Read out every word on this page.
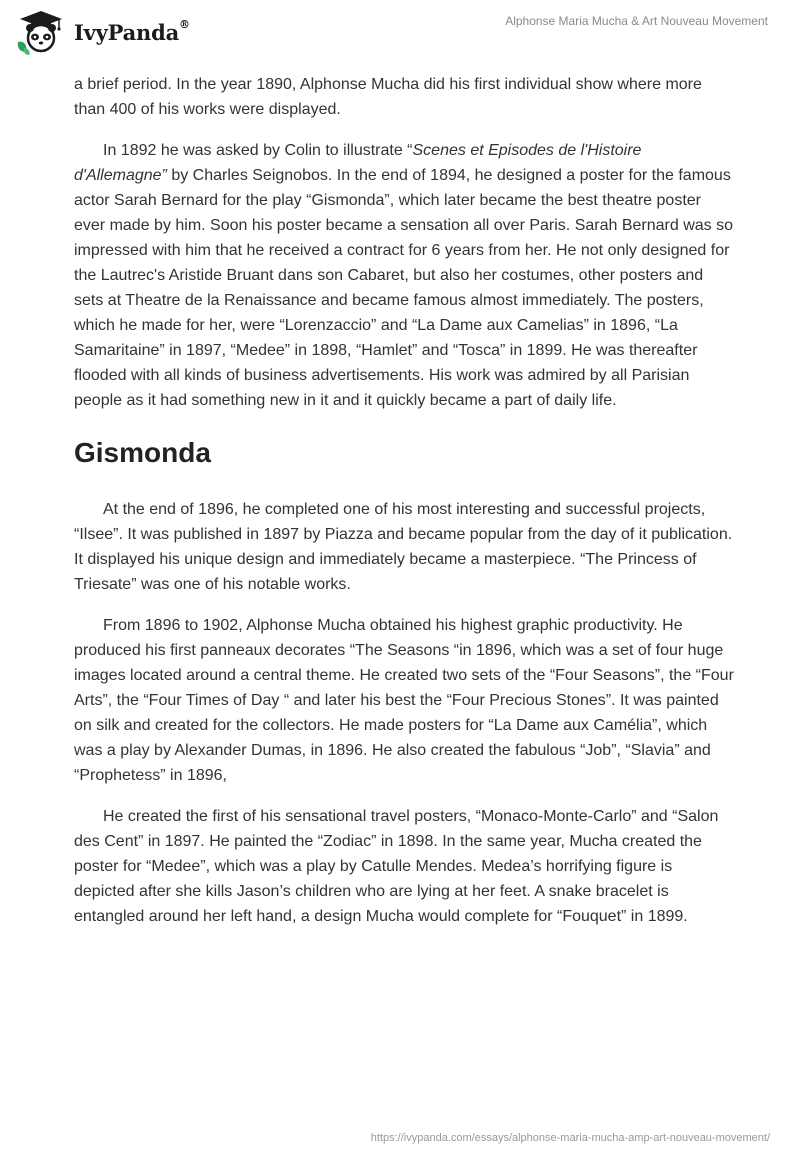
IvyPanda®	Alphonse Maria Mucha & Art Nouveau Movement

a brief period. In the year 1890, Alphonse Mucha did his first individual show where more than 400 of his works were displayed.

In 1892 he was asked by Colin to illustrate “Scenes et Episodes de l'Histoire d'Allemagne” by Charles Seignobos. In the end of 1894, he designed a poster for the famous actor Sarah Bernard for the play “Gismonda”, which later became the best theatre poster ever made by him. Soon his poster became a sensation all over Paris. Sarah Bernard was so impressed with him that he received a contract for 6 years from her. He not only designed for the Lautrec's Aristide Bruant dans son Cabaret, but also her costumes, other posters and sets at Theatre de la Renaissance and became famous almost immediately. The posters, which he made for her, were “Lorenzaccio” and “La Dame aux Camelias” in 1896, “La Samaritaine” in 1897, “Medee” in 1898, “Hamlet” and “Tosca” in 1899. He was thereafter flooded with all kinds of business advertisements. His work was admired by all Parisian people as it had something new in it and it quickly became a part of daily life.

Gismonda

At the end of 1896, he completed one of his most interesting and successful projects, “Ilsee”. It was published in 1897 by Piazza and became popular from the day of it publication. It displayed his unique design and immediately became a masterpiece. “The Princess of Triesate” was one of his notable works.

From 1896 to 1902, Alphonse Mucha obtained his highest graphic productivity. He produced his first panneaux decorates “The Seasons “in 1896, which was a set of four huge images located around a central theme. He created two sets of the “Four Seasons”, the “Four Arts”, the “Four Times of Day “ and later his best the “Four Precious Stones”. It was painted on silk and created for the collectors. He made posters for “La Dame aux Camélia”, which was a play by Alexander Dumas, in 1896. He also created the fabulous “Job”, “Slavia” and “Prophetess” in 1896,

He created the first of his sensational travel posters, “Monaco-Monte-Carlo” and “Salon des Cent” in 1897. He painted the “Zodiac” in 1898. In the same year, Mucha created the poster for “Medee”, which was a play by Catulle Mendes. Medea’s horrifying figure is depicted after she kills Jason’s children who are lying at her feet. A snake bracelet is entangled around her left hand, a design Mucha would complete for “Fouquet” in 1899.

https://ivypanda.com/essays/alphonse-maria-mucha-amp-art-nouveau-movement/
